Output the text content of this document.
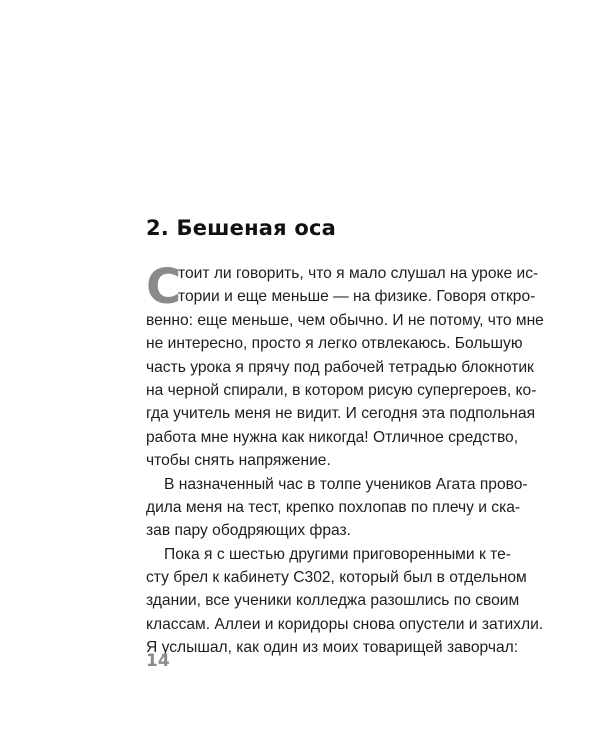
2. Бешеная оса
С
тоит ли говорить, что я мало слушал на уроке ис-
тории и еще меньше — на физике. Говоря откро-
венно: еще меньше, чем обычно. И не потому, что мне
не интересно, просто я легко отвлекаюсь. Большую
часть урока я прячу под рабочей тетрадью блокнотик
на черной спирали, в котором рисую супергероев, ко-
гда учитель меня не видит. И сегодня эта подпольная
работа мне нужна как никогда! Отличное средство,
чтобы снять напряжение.
В назначенный час в толпе учеников Агата прово-
дила меня на тест, крепко похлопав по плечу и ска-
зав пару ободряющих фраз.
Пока я с шестью другими приговоренными к те-
сту брел к кабинету С302, который был в отдельном
здании, все ученики колледжа разошлись по своим
классам. Аллеи и коридоры снова опустели и затихли.
Я услышал, как один из моих товарищей заворчал:
14
